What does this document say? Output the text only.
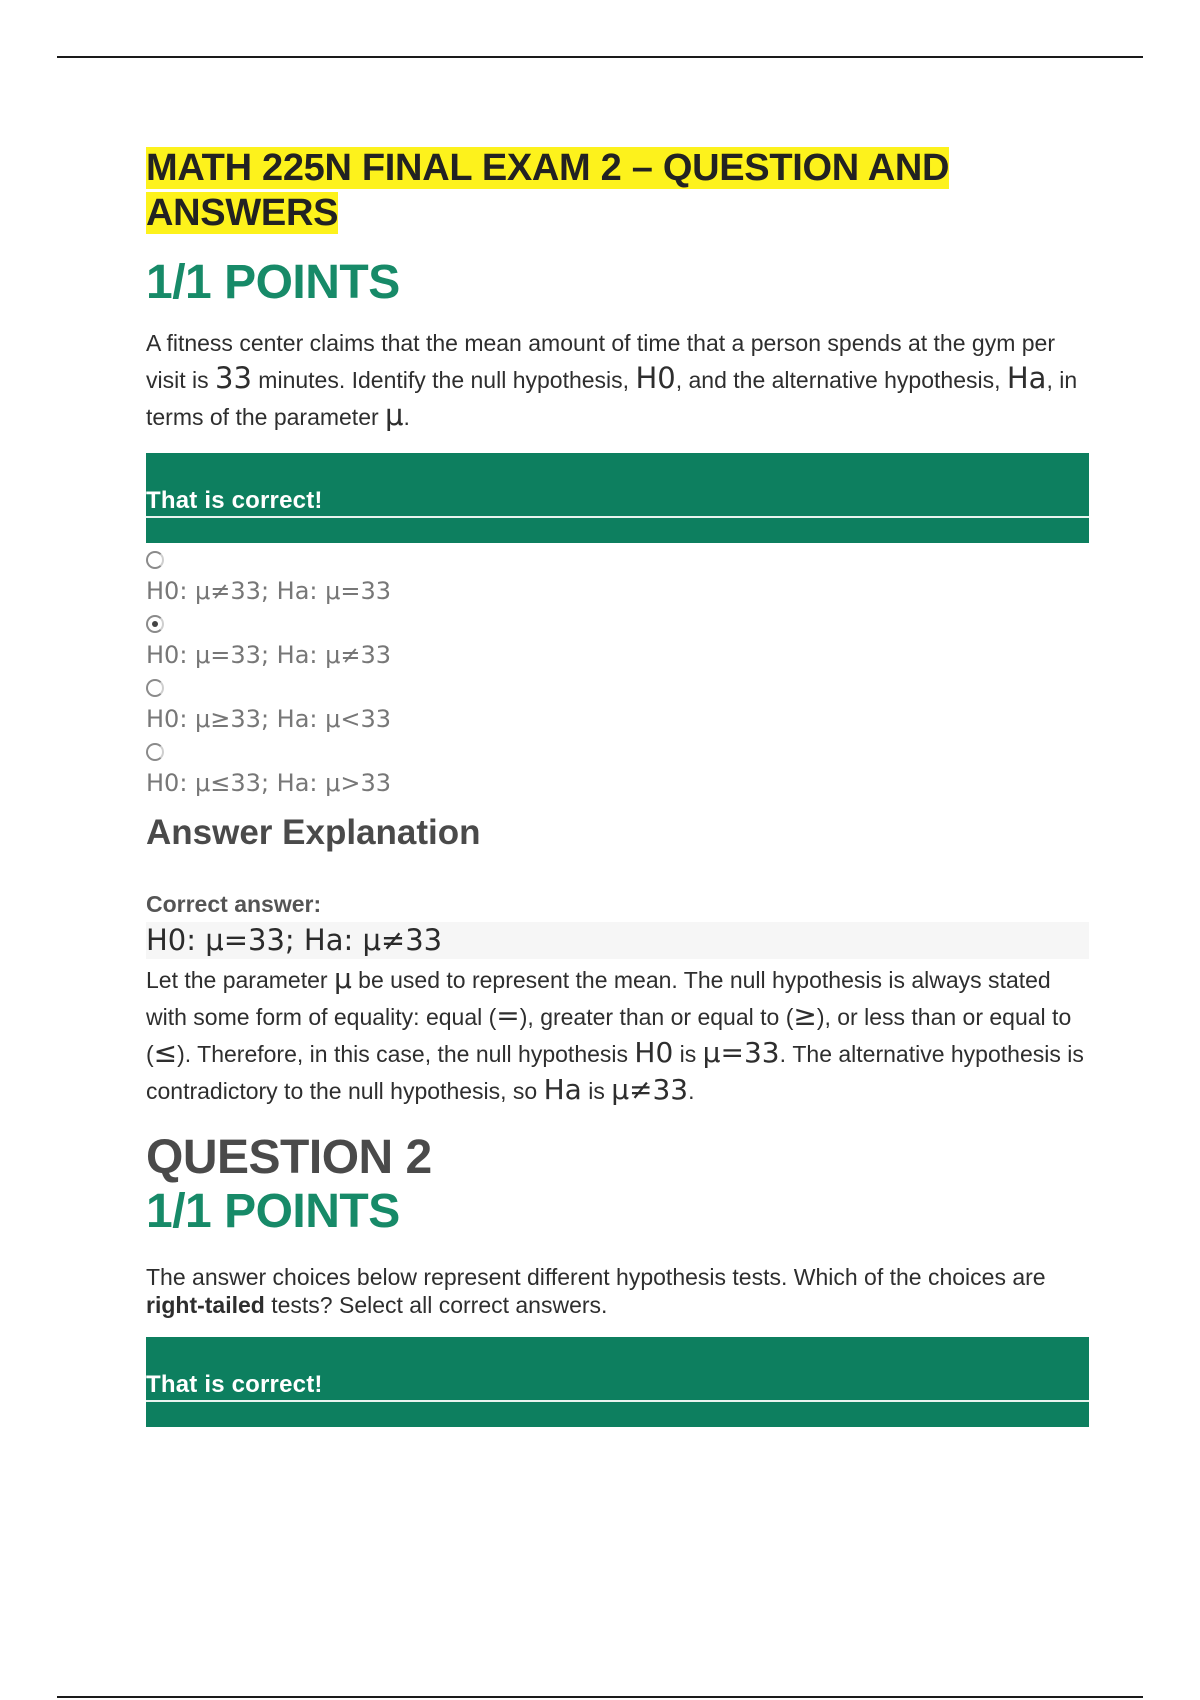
MATH 225N FINAL EXAM 2 – QUESTION AND ANSWERS
1/1 POINTS

A fitness center claims that the mean amount of time that a person spends at the gym per visit is 33 minutes. Identify the null hypothesis, H0, and the alternative hypothesis, Ha, in terms of the parameter μ.

That is correct!
H0: μ≠33; Ha: μ=33
H0: μ=33; Ha: μ≠33
H0: μ≥33; Ha: μ<33
H0: μ≤33; Ha: μ>33
Answer Explanation
Correct answer:
H0: μ=33; Ha: μ≠33
Let the parameter μ be used to represent the mean. The null hypothesis is always stated with some form of equality: equal (=), greater than or equal to (≥), or less than or equal to (≤). Therefore, in this case, the null hypothesis H0 is μ=33. The alternative hypothesis is contradictory to the null hypothesis, so Ha is μ≠33.
QUESTION 2
1/1 POINTS

The answer choices below represent different hypothesis tests. Which of the choices are right-tailed tests? Select all correct answers.

That is correct!
